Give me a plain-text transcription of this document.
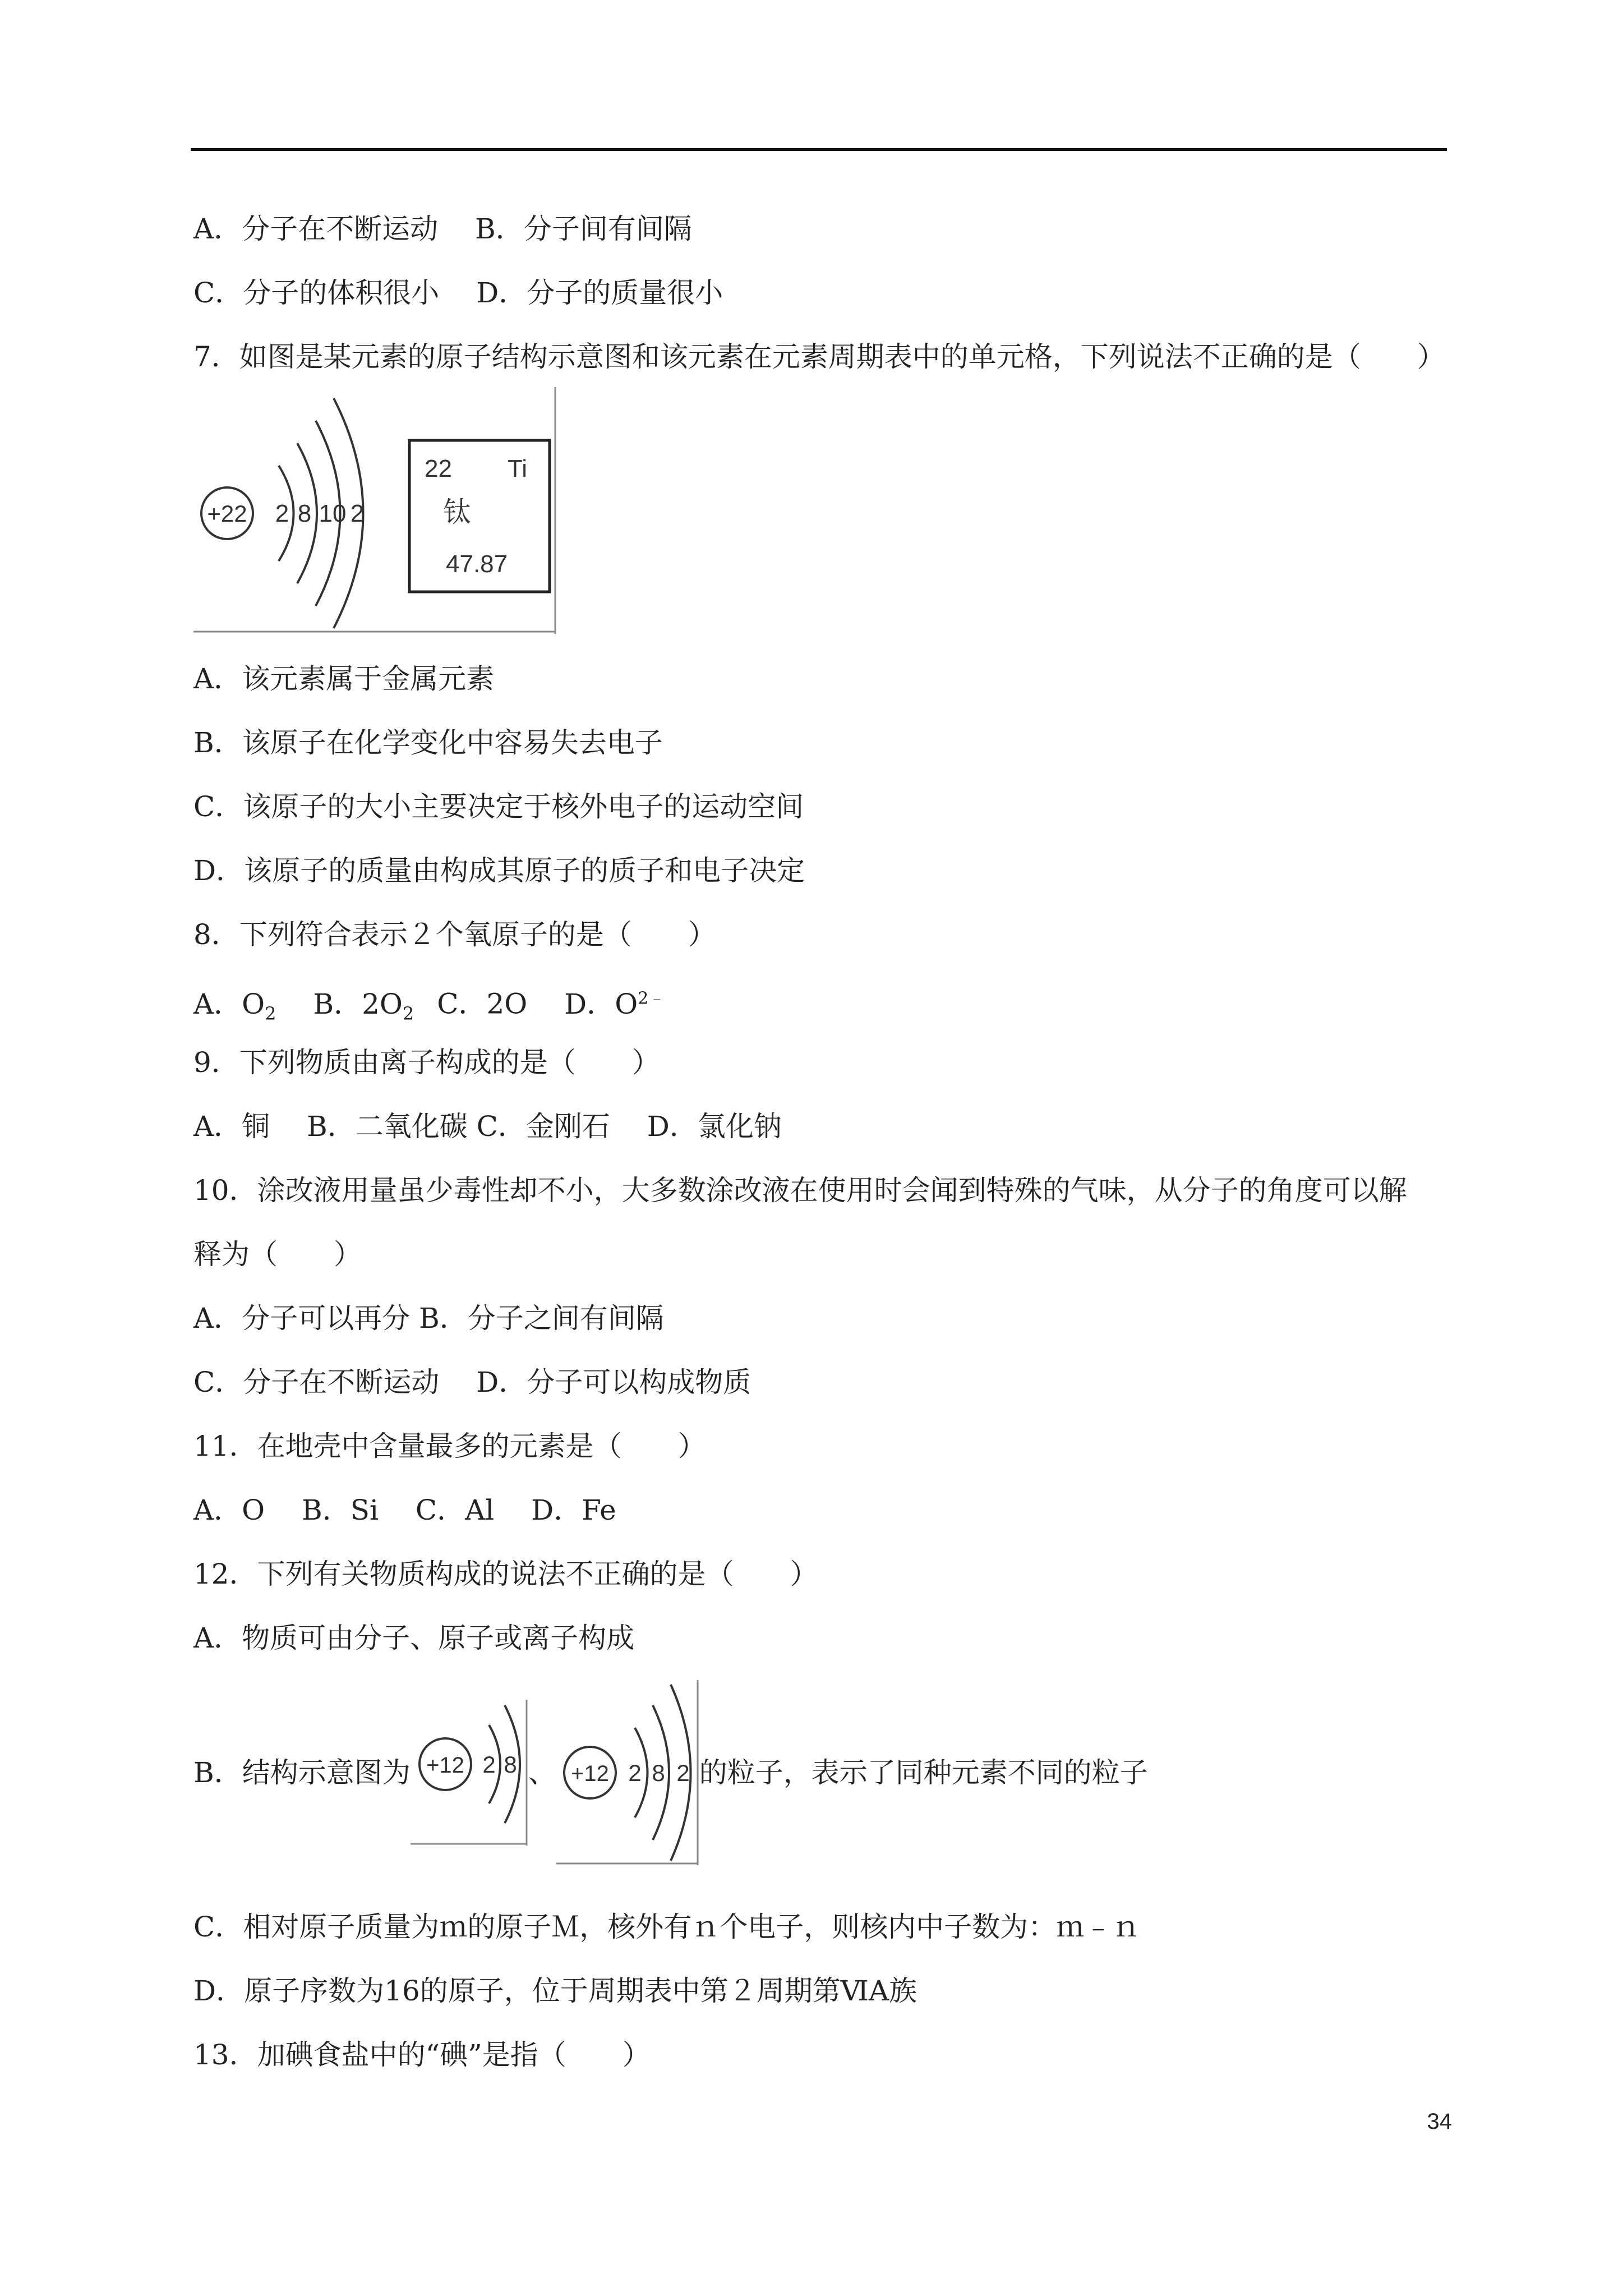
A．分子在不断运动　 B．分子间有间隔
C．分子的体积很小　 D．分子的质量很小
7．如图是某元素的原子结构示意图和该元素在元素周期表中的单元格，下列说法不正确的是（　　）
+22 2 8 10 2
22 Ti
钛
47.87
A．该元素属于金属元素
B．该原子在化学变化中容易失去电子
C．该原子的大小主要决定于核外电子的运动空间
D．该原子的质量由构成其原子的质子和电子决定
8．下列符合表示２个氧原子的是（　　）
A．$O_2$　 B．$2O_2$  C．2O　 D．$O^{2﹣}$
9．下列物质由离子构成的是（　　）
A．铜　 B．二氧化碳 C．金刚石　 D．氯化钠
10．涂改液用量虽少毒性却不小，大多数涂改液在使用时会闻到特殊的气味，从分子的角度可以解
释为（　　）
A．分子可以再分 B．分子之间有间隔
C．分子在不断运动　 D．分子可以构成物质
11．在地壳中含量最多的元素是（　　）
A．O　 B．Si　 C．Al　 D．Fe
12．下列有关物质构成的说法不正确的是（　　）
A．物质可由分子、原子或离子构成
B．结构示意图为 +12 2 8 、 +12 2 8 2 的粒子，表示了同种元素不同的粒子
C．相对原子质量为ｍ的原子Ｍ，核外有ｎ个电子，则核内中子数为：ｍ﹣ｎ
D．原子序数为16的原子，位于周期表中第２周期第ⅥA族
13．加碘食盐中的“碘”是指（　　）
34
